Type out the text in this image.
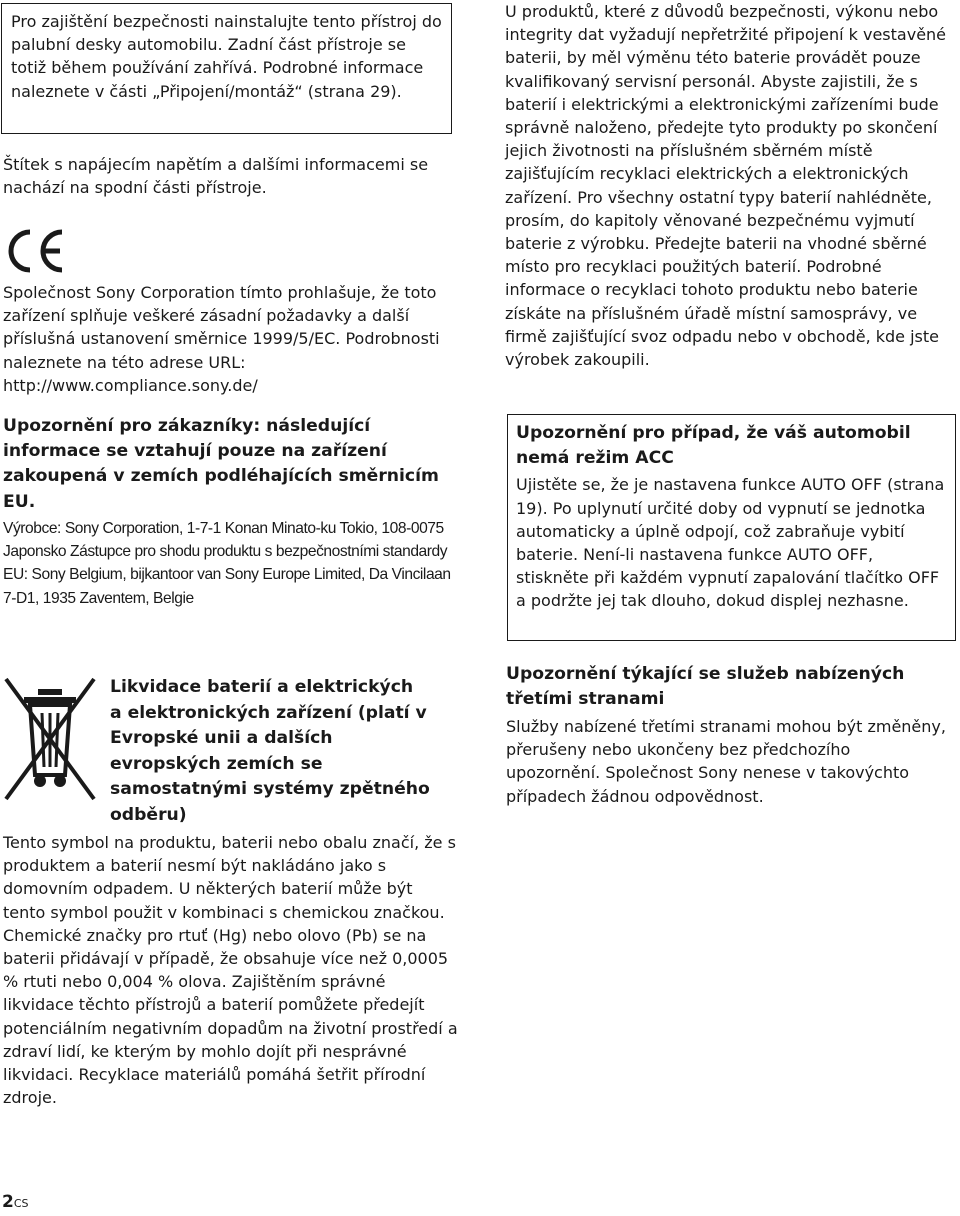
Pro zajištění bezpečnosti nainstalujte tento přístroj do palubní desky automobilu. Zadní část přístroje se totiž během používání zahřívá. Podrobné informace naleznete v části „Připojení/montáž“ (strana 29).

Štítek s napájecím napětím a dalšími informacemi se nachází na spodní části přístroje.

Společnost Sony Corporation tímto prohlašuje, že toto zařízení splňuje veškeré zásadní požadavky a další příslušná ustanovení směrnice 1999/5/EC. Podrobnosti naleznete na této adrese URL: http://www.compliance.sony.de/

Upozornění pro zákazníky: následující informace se vztahují pouze na zařízení zakoupená v zemích podléhajících směrnicím EU.

Výrobce: Sony Corporation, 1-7-1 Konan Minato-ku Tokio, 108-0075 Japonsko Zástupce pro shodu produktu s bezpečnostními standardy EU: Sony Belgium, bijkantoor van Sony Europe Limited, Da Vincilaan 7-D1, 1935 Zaventem, Belgie

Likvidace baterií a elektrických a elektronických zařízení (platí v Evropské unii a dalších evropských zemích se samostatnými systémy zpětného odběru)

Tento symbol na produktu, baterii nebo obalu značí, že s produktem a baterií nesmí být nakládáno jako s domovním odpadem. U některých baterií může být tento symbol použit v kombinaci s chemickou značkou. Chemické značky pro rtuť (Hg) nebo olovo (Pb) se na baterii přidávají v případě, že obsahuje více než 0,0005 % rtuti nebo 0,004 % olova. Zajištěním správné likvidace těchto přístrojů a baterií pomůžete předejít potenciálním negativním dopadům na životní prostředí a zdraví lidí, ke kterým by mohlo dojít při nesprávné likvidaci. Recyklace materiálů pomáhá šetřit přírodní zdroje.

2CS

U produktů, které z důvodů bezpečnosti, výkonu nebo integrity dat vyžadují nepřetržité připojení k vestavěné baterii, by měl výměnu této baterie provádět pouze kvalifikovaný servisní personál. Abyste zajistili, že s baterií i elektrickými a elektronickými zařízeními bude správně naloženo, předejte tyto produkty po skončení jejich životnosti na příslušném sběrném místě zajišťujícím recyklaci elektrických a elektronických zařízení. Pro všechny ostatní typy baterií nahlédněte, prosím, do kapitoly věnované bezpečnému vyjmutí baterie z výrobku. Předejte baterii na vhodné sběrné místo pro recyklaci použitých baterií. Podrobné informace o recyklaci tohoto produktu nebo baterie získáte na příslušném úřadě místní samosprávy, ve firmě zajišťující svoz odpadu nebo v obchodě, kde jste výrobek zakoupili.

Upozornění pro případ, že váš automobil nemá režim ACC

Ujistěte se, že je nastavena funkce AUTO OFF (strana 19). Po uplynutí určité doby od vypnutí se jednotka automaticky a úplně odpojí, což zabraňuje vybití baterie. Není-li nastavena funkce AUTO OFF, stiskněte při každém vypnutí zapalování tlačítko OFF a podržte jej tak dlouho, dokud displej nezhasne.

Upozornění týkající se služeb nabízených třetími stranami

Služby nabízené třetími stranami mohou být změněny, přerušeny nebo ukončeny bez předchozího upozornění. Společnost Sony nenese v takovýchto případech žádnou odpovědnost.
